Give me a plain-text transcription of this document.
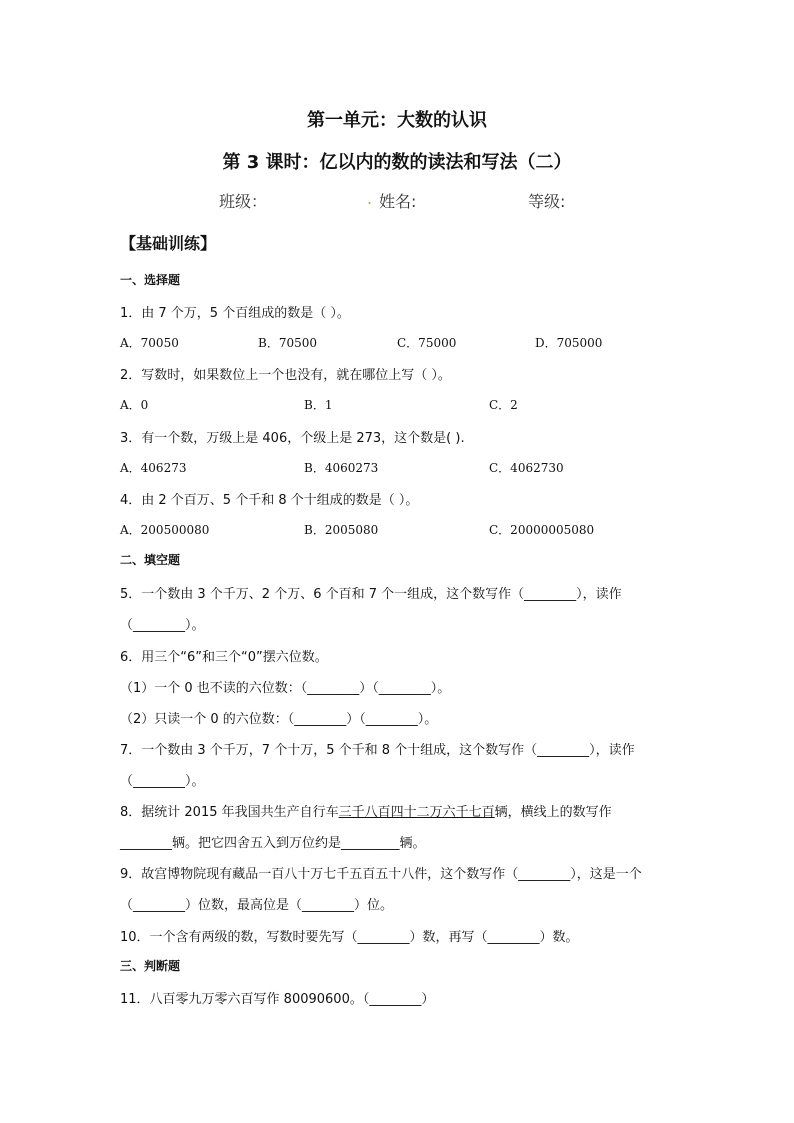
第一单元：大数的认识
第 3 课时：亿以内的数的读法和写法（二）
班级：	. 姓名:	等级:
【基础训练】
一、选择题
1．由 7 个万，5 个百组成的数是（ ）。
A．70050	B．70500	C．75000	D．705000
2．写数时，如果数位上一个也没有，就在哪位上写（ ）。
A．0	B．1	C．2
3．有一个数，万级上是 406，个级上是 273，这个数是( ).
A．406273	B．4060273	C．4062730
4．由 2 个百万、5 个千和 8 个十组成的数是（ ）。
A．200500080	B．2005080	C．20000005080
二、填空题
5．一个数由 3 个千万、2 个万、6 个百和 7 个一组成，这个数写作（________），读作
（________）。
6．用三个“6”和三个“0”摆六位数。
（1）一个 0 也不读的六位数：（________）（________）。
（2）只读一个 0 的六位数：（________）（________）。
7．一个数由 3 个千万，7 个十万，5 个千和 8 个十组成，这个数写作（________），读作
（________）。
8．据统计 2015 年我国共生产自行车三千八百四十二万六千七百辆，横线上的数写作
________辆。把它四舍五入到万位约是_________辆。
9．故宫博物院现有藏品一百八十万七千五百五十八件，这个数写作（________），这是一个
（________）位数，最高位是（________）位。
10．一个含有两级的数，写数时要先写（________）数，再写（________）数。
三、判断题
11．八百零九万零六百写作 80090600。（________）
